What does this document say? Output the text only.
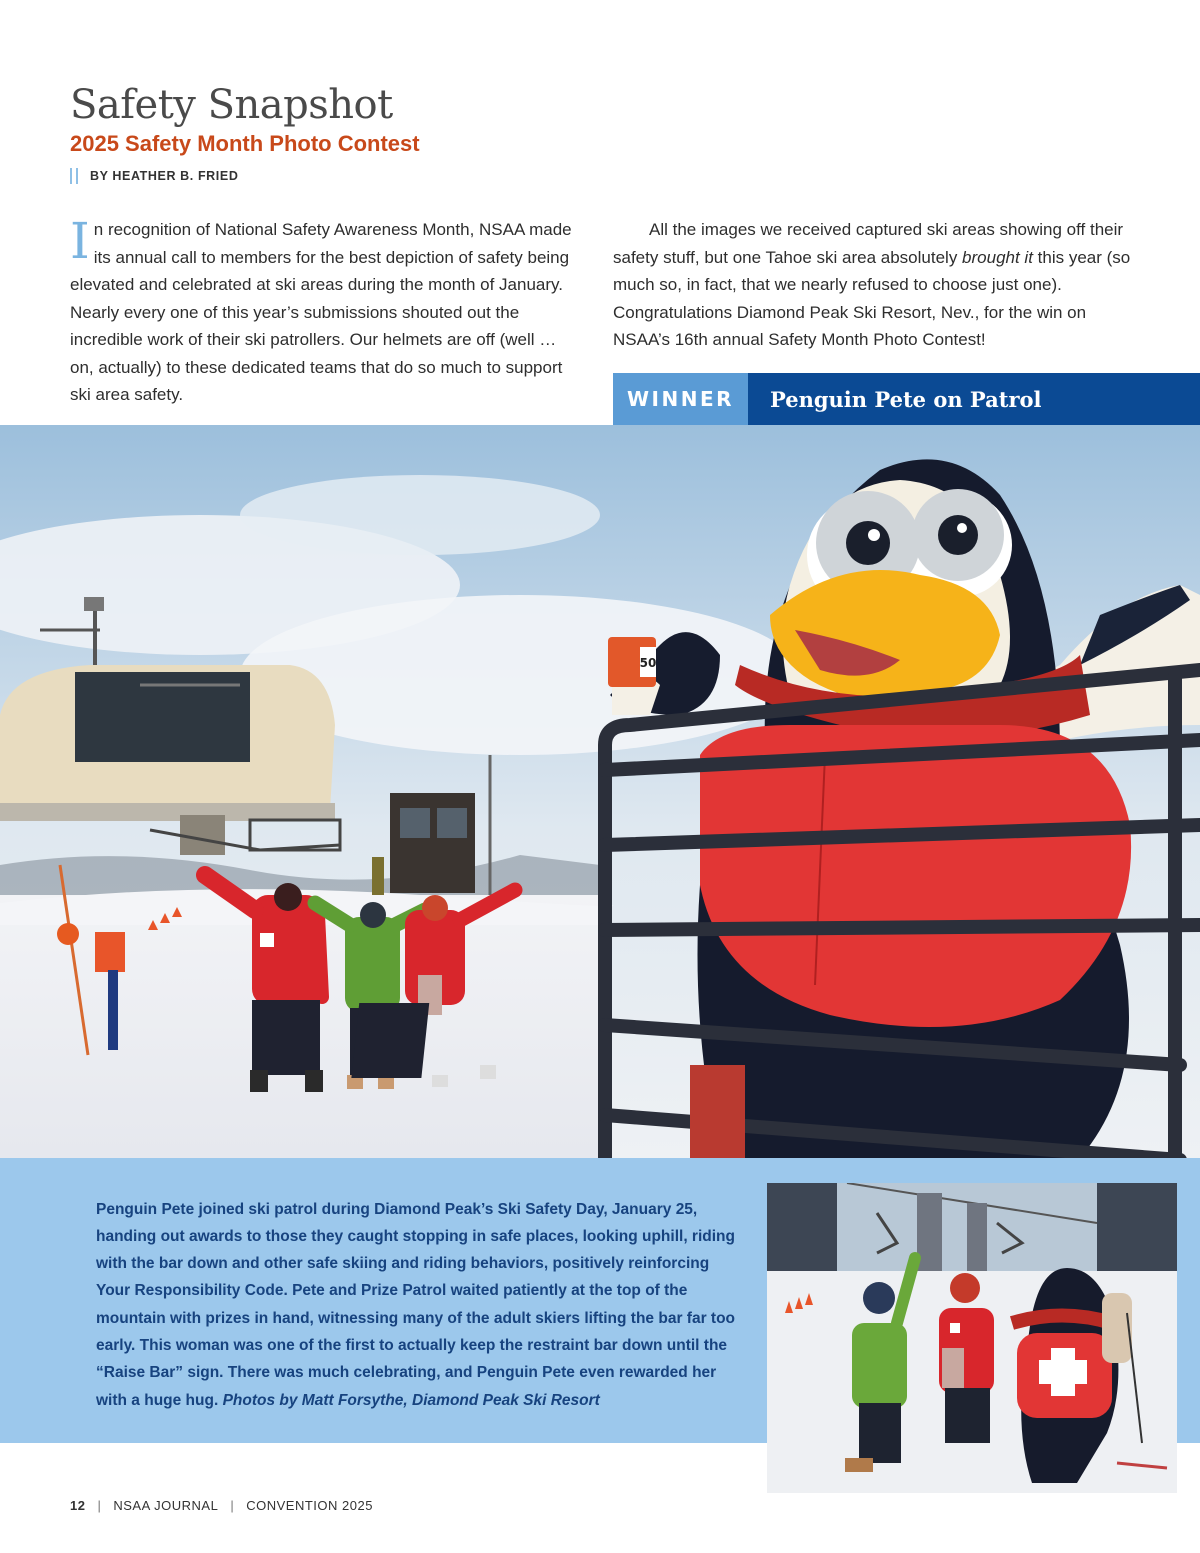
Safety Snapshot
2025 Safety Month Photo Contest
BY HEATHER B. FRIED

In recognition of National Safety Awareness Month, NSAA made its annual call to members for the best depiction of safety being elevated and celebrated at ski areas during the month of January. Nearly every one of this year’s submissions shouted out the incredible work of their ski patrollers. Our helmets are off (well … on, actually) to these dedicated teams that do so much to support ski area safety.

All the images we received captured ski areas showing off their safety stuff, but one Tahoe ski area absolutely brought it this year (so much so, in fact, that we nearly refused to choose just one). Congratulations Diamond Peak Ski Resort, Nev., for the win on NSAA’s 16th annual Safety Month Photo Contest!

WINNER	Penguin Pete on Patrol
50

Penguin Pete joined ski patrol during Diamond Peak’s Ski Safety Day, January 25, handing out awards to those they caught stopping in safe places, looking uphill, riding with the bar down and other safe skiing and riding behaviors, positively reinforcing Your Responsibility Code. Pete and Prize Patrol waited patiently at the top of the mountain with prizes in hand, witnessing many of the adult skiers lifting the bar far too early. This woman was one of the first to actually keep the restraint bar down until the “Raise Bar” sign. There was much celebrating, and Penguin Pete even rewarded her with a huge hug. Photos by Matt Forsythe, Diamond Peak Ski Resort

12 | NSAA JOURNAL | CONVENTION 2025
